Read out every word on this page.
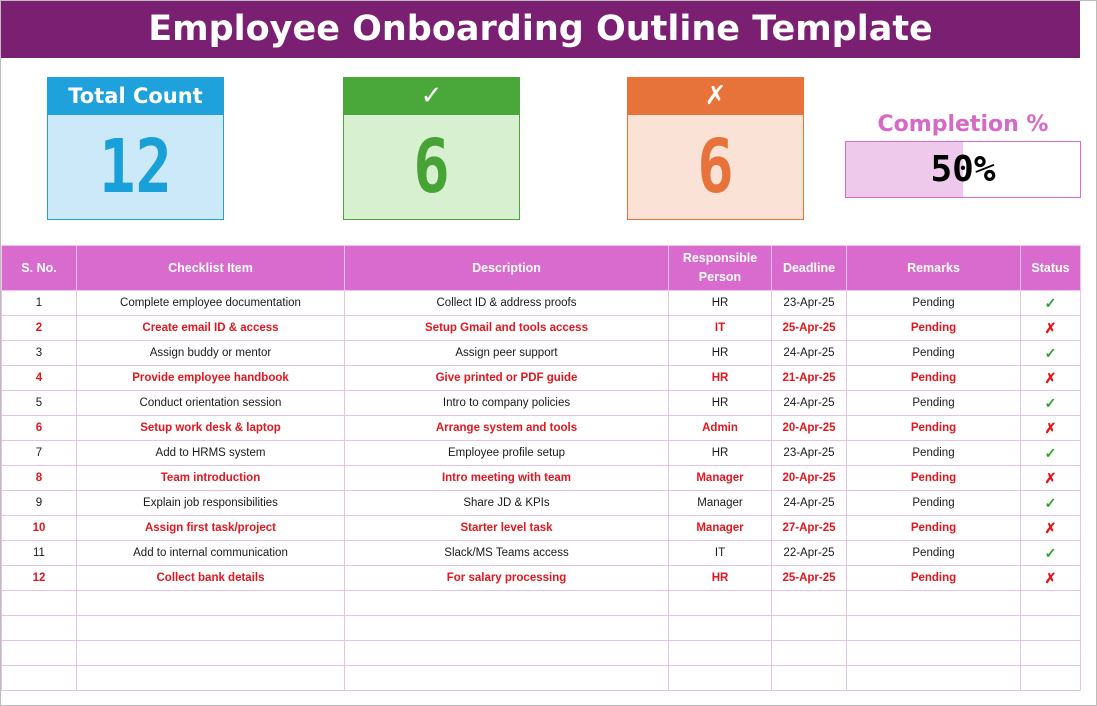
Employee Onboarding Outline Template
Total Count
12
✓
6
✗
6	Completion %
50%
S. No.	Checklist Item	Description	Responsible Person	Deadline	Remarks	Status
1	Complete employee documentation	Collect ID & address proofs	HR	23-Apr-25	Pending	✓
2	Create email ID & access	Setup Gmail and tools access	IT	25-Apr-25	Pending	✗
3	Assign buddy or mentor	Assign peer support	HR	24-Apr-25	Pending	✓
4	Provide employee handbook	Give printed or PDF guide	HR	21-Apr-25	Pending	✗
5	Conduct orientation session	Intro to company policies	HR	24-Apr-25	Pending	✓
6	Setup work desk & laptop	Arrange system and tools	Admin	20-Apr-25	Pending	✗
7	Add to HRMS system	Employee profile setup	HR	23-Apr-25	Pending	✓
8	Team introduction	Intro meeting with team	Manager	20-Apr-25	Pending	✗
9	Explain job responsibilities	Share JD & KPIs	Manager	24-Apr-25	Pending	✓
10	Assign first task/project	Starter level task	Manager	27-Apr-25	Pending	✗
11	Add to internal communication	Slack/MS Teams access	IT	22-Apr-25	Pending	✓
12	Collect bank details	For salary processing	HR	25-Apr-25	Pending	✗
